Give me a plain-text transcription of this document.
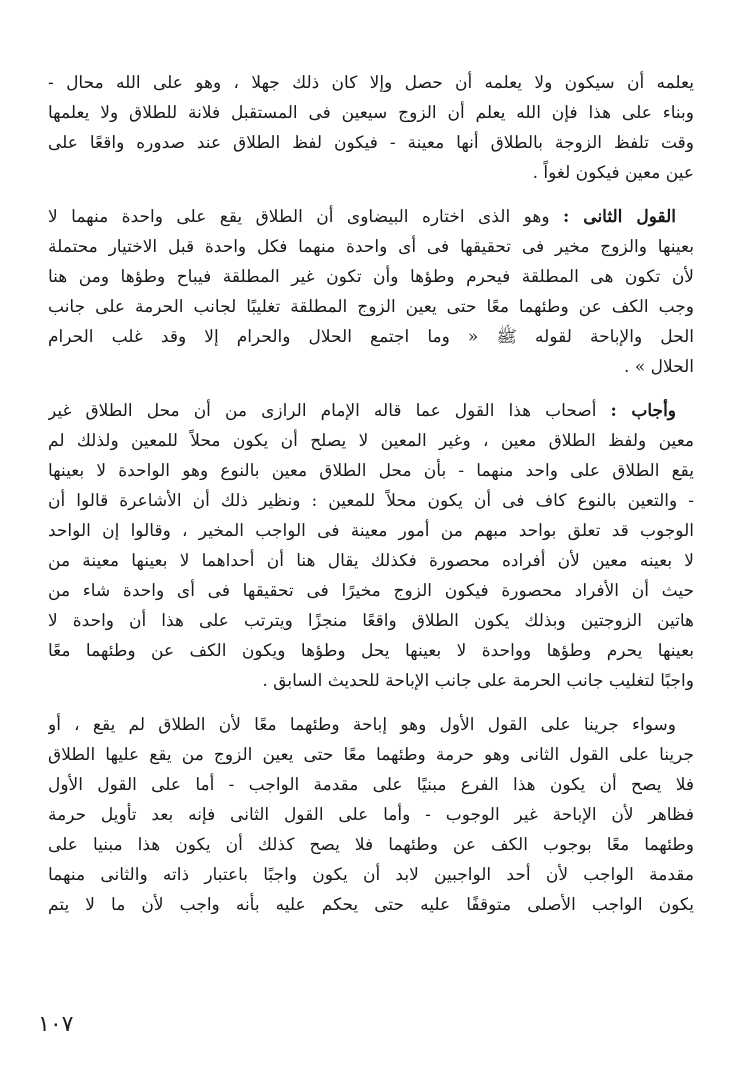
يعلمه أن سيكون ولا يعلمه أن حصل وإلا كان ذلك جهلا ، وهو على الله محال -
وبناء على هذا فإن الله يعلم أن الزوج سيعين فى المستقبل فلانة للطلاق ولا يعلمها
وقت تلفظ الزوجة بالطلاق أنها معينة - فيكون لفظ الطلاق عند صدوره واقعًا على
عين معين فيكون لغواً .
القول الثانى : وهو الذى اختاره البيضاوى أن الطلاق يقع على واحدة منهما لا
بعينها والزوج مخير فى تحقيقها فى أى واحدة منهما فكل واحدة قبل الاختيار محتملة
لأن تكون هى المطلقة فيحرم وطؤها وأن تكون غير المطلقة فيباح وطؤها ومن هنا
وجب الكف عن وطئهما معًا حتى يعين الزوج المطلقة تغليبًا لجانب الحرمة على جانب
الحل والإباحة لقوله ﷺ « وما اجتمع الحلال والحرام إلا وقد غلب الحرام
الحلال » .
وأجاب : أصحاب هذا القول عما قاله الإمام الرازى من أن محل الطلاق غير
معين ولفظ الطلاق معين ، وغير المعين لا يصلح أن يكون محلاً للمعين ولذلك لم
يقع الطلاق على واحد منهما - بأن محل الطلاق معين بالنوع وهو الواحدة لا بعينها
- والتعين بالنوع كاف فى أن يكون محلاً للمعين : ونظير ذلك أن الأشاعرة قالوا أن
الوجوب قد تعلق بواحد مبهم من أمور معينة فى الواجب المخير ، وقالوا إن الواحد
لا بعينه معين لأن أفراده محصورة فكذلك يقال هنا أن أحداهما لا بعينها معينة من
حيث أن الأفراد محصورة فيكون الزوج مخيرًا فى تحقيقها فى أى واحدة شاء من
هاتين الزوجتين وبذلك يكون الطلاق واقعًا منجزًا ويترتب على هذا أن واحدة لا
بعينها يحرم وطؤها وواحدة لا بعينها يحل وطؤها ويكون الكف عن وطئهما معًا
واجبًا لتغليب جانب الحرمة على جانب الإباحة للحديث السابق .
وسواء جرينا على القول الأول وهو إباحة وطئهما معًا لأن الطلاق لم يقع ، أو
جرينا على القول الثانى وهو حرمة وطئهما معًا حتى يعين الزوج من يقع عليها الطلاق
فلا يصح أن يكون هذا الفرع مبنيًا على مقدمة الواجب - أما على القول الأول
فظاهر لأن الإباحة غير الوجوب - وأما على القول الثانى فإنه بعد تأويل حرمة
وطئهما معًا بوجوب الكف عن وطئهما فلا يصح كذلك أن يكون هذا مبنيا على
مقدمة الواجب لأن أحد الواجبين لابد أن يكون واجبًا باعتبار ذاته والثانى منهما
يكون الواجب الأصلى متوقفًا عليه حتى يحكم عليه بأنه واجب لأن ما لا يتم
١٠٧
